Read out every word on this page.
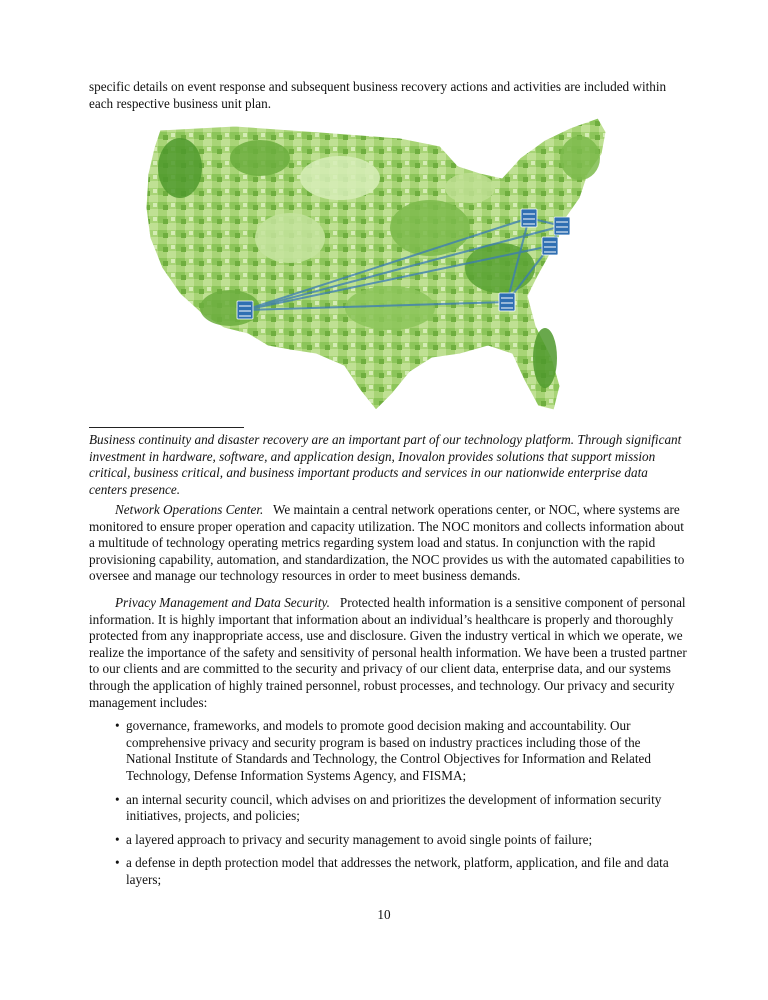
specific details on event response and subsequent business recovery actions and activities are included within each respective business unit plan.

Business continuity and disaster recovery are an important part of our technology platform. Through significant investment in hardware, software, and application design, Inovalon provides solutions that support mission critical, business critical, and business important products and services in our nationwide enterprise data centers presence.

Network Operations Center. We maintain a central network operations center, or NOC, where systems are monitored to ensure proper operation and capacity utilization. The NOC monitors and collects information about a multitude of technology operating metrics regarding system load and status. In conjunction with the rapid provisioning capability, automation, and standardization, the NOC provides us with the automated capabilities to oversee and manage our technology resources in order to meet business demands.

Privacy Management and Data Security. Protected health information is a sensitive component of personal information. It is highly important that information about an individual’s healthcare is properly and thoroughly protected from any inappropriate access, use and disclosure. Given the industry vertical in which we operate, we realize the importance of the safety and sensitivity of personal health information. We have been a trusted partner to our clients and are committed to the security and privacy of our client data, enterprise data, and our systems through the application of highly trained personnel, robust processes, and technology. Our privacy and security management includes:

• governance, frameworks, and models to promote good decision making and accountability. Our comprehensive privacy and security program is based on industry practices including those of the National Institute of Standards and Technology, the Control Objectives for Information and Related Technology, Defense Information Systems Agency, and FISMA;
• an internal security council, which advises on and prioritizes the development of information security initiatives, projects, and policies;
• a layered approach to privacy and security management to avoid single points of failure;
• a defense in depth protection model that addresses the network, platform, application, and file and data layers;
10
